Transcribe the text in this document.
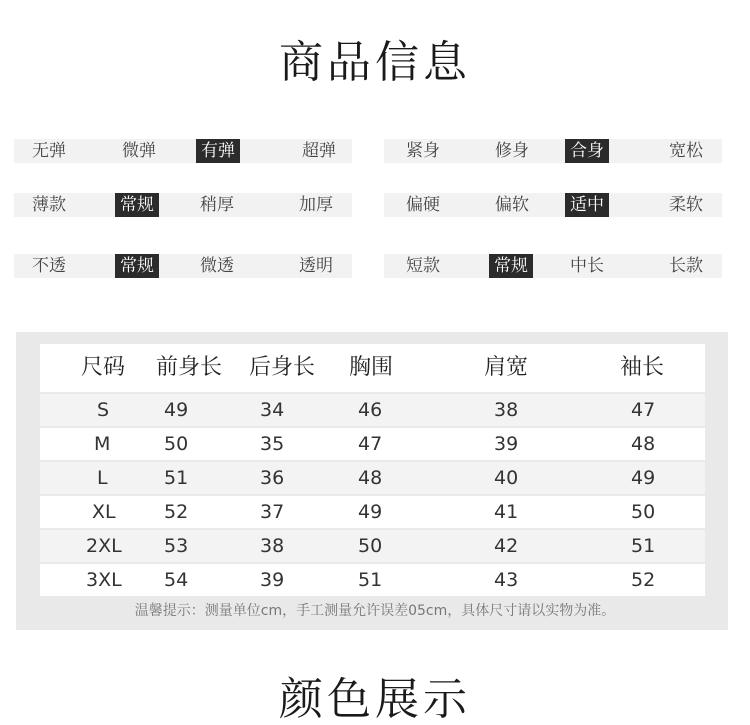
商品信息
无弹	微弹	有弹	超弹	紧身	修身 合身	宽松
薄款	常规	稍厚	加厚	偏硬	偏软 适中	柔软
不透	常规	微透	透明	短款	常规 中长	长款
尺码 前身长 后身长 胸围	肩宽	袖长
S	49	34	46	38	47
M	50	35	47	39	48
L	51	36	48	40	49
XL	52	37	49	41	50
2XL 53	38	50	42	51
3XL 54	39	51	43	52
温馨提示：测量单位cm，手工测量允许误差05cm，具体尺寸请以实物为准。
颜色展示
